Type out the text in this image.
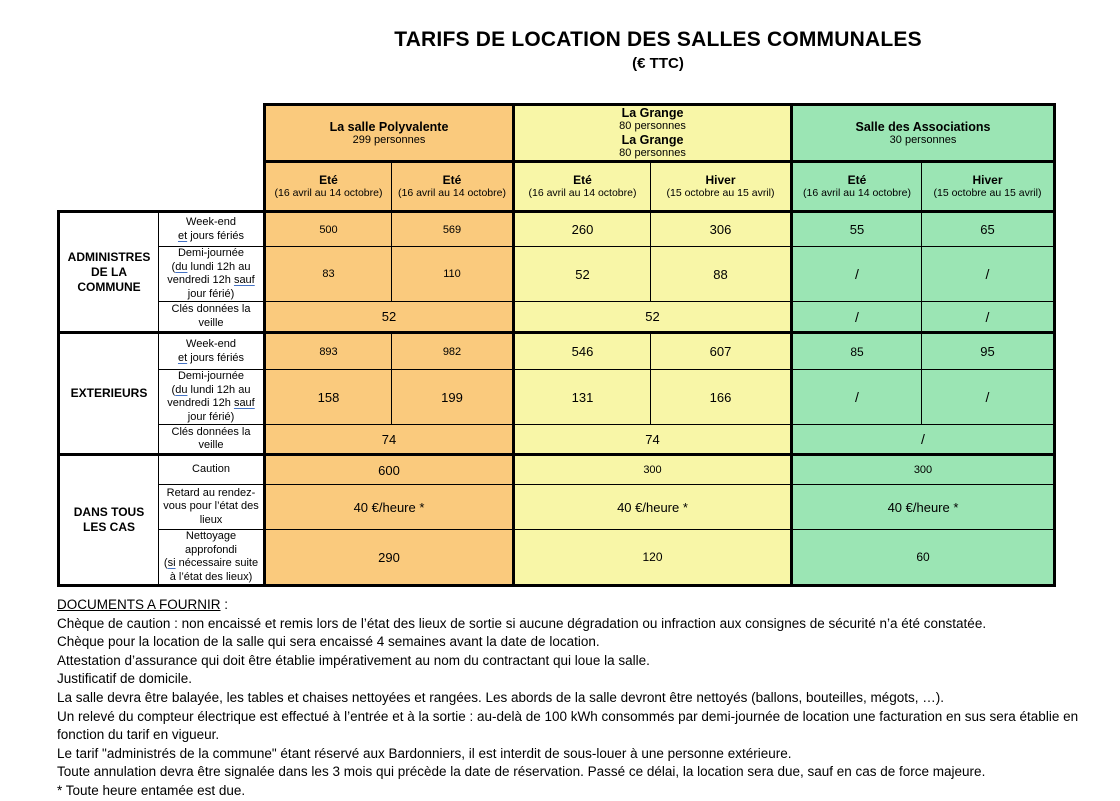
TARIFS DE LOCATION DES SALLES COMMUNALES
(€ TTC)

		La salle Polyvalente
299 personnes		La Grange
80 personnes
La Grange
80 personnes		Salle des Associations
30 personnes	

		Eté
(16 avril au 14 octobre)	Eté
(16 avril au 14 octobre)	Eté
(16 avril au 14 octobre)	Hiver
(15 octobre au 15 avril)	Eté
(16 avril au 14 octobre)	Hiver
(15 octobre au 15 avril)

ADMINISTRES DE LA COMMUNE	Week-end
et jours fériés	500	569	260	306	55	65

	Demi-journée
(du lundi 12h au vendredi 12h sauf jour férié)	83	110	52	88	/	/
	Clés données la veille	52		52		/	/
EXTERIEURS	Week-end
et jours fériés	893	982	546	607	85	95

	Demi-journée
(du lundi 12h au vendredi 12h sauf jour férié)	158	199	131	166	/	/
	Clés données la veille	74		74		/	
DANS TOUS LES CAS	Caution	600		300		300	
	Retard au rendez-vous pour l’état des lieux	40 €/heure *		40 €/heure *		40 €/heure *	

	Nettoyage approfondi
(si nécessaire suite à l’état des lieux)	290		120		60	
DOCUMENTS A FOURNIR :
Chèque de caution : non encaissé et remis lors de l’état des lieux de sortie si aucune dégradation ou infraction aux consignes de sécurité n’a été constatée.
Chèque pour la location de la salle qui sera encaissé 4 semaines avant la date de location.
Attestation d’assurance qui doit être établie impérativement au nom du contractant qui loue la salle.
Justificatif de domicile.
La salle devra être balayée, les tables et chaises nettoyées et rangées. Les abords de la salle devront être nettoyés (ballons, bouteilles, mégots, …).
Un relevé du compteur électrique est effectué à l’entrée et à la sortie : au-delà de 100 kWh consommés par demi-journée de location une facturation en sus sera établie en fonction du tarif en vigueur.
Le tarif "administrés de la commune" étant réservé aux Bardonniers, il est interdit de sous-louer à une personne extérieure.
Toute annulation devra être signalée dans les 3 mois qui précède la date de réservation. Passé ce délai, la location sera due, sauf en cas de force majeure.
* Toute heure entamée est due.
